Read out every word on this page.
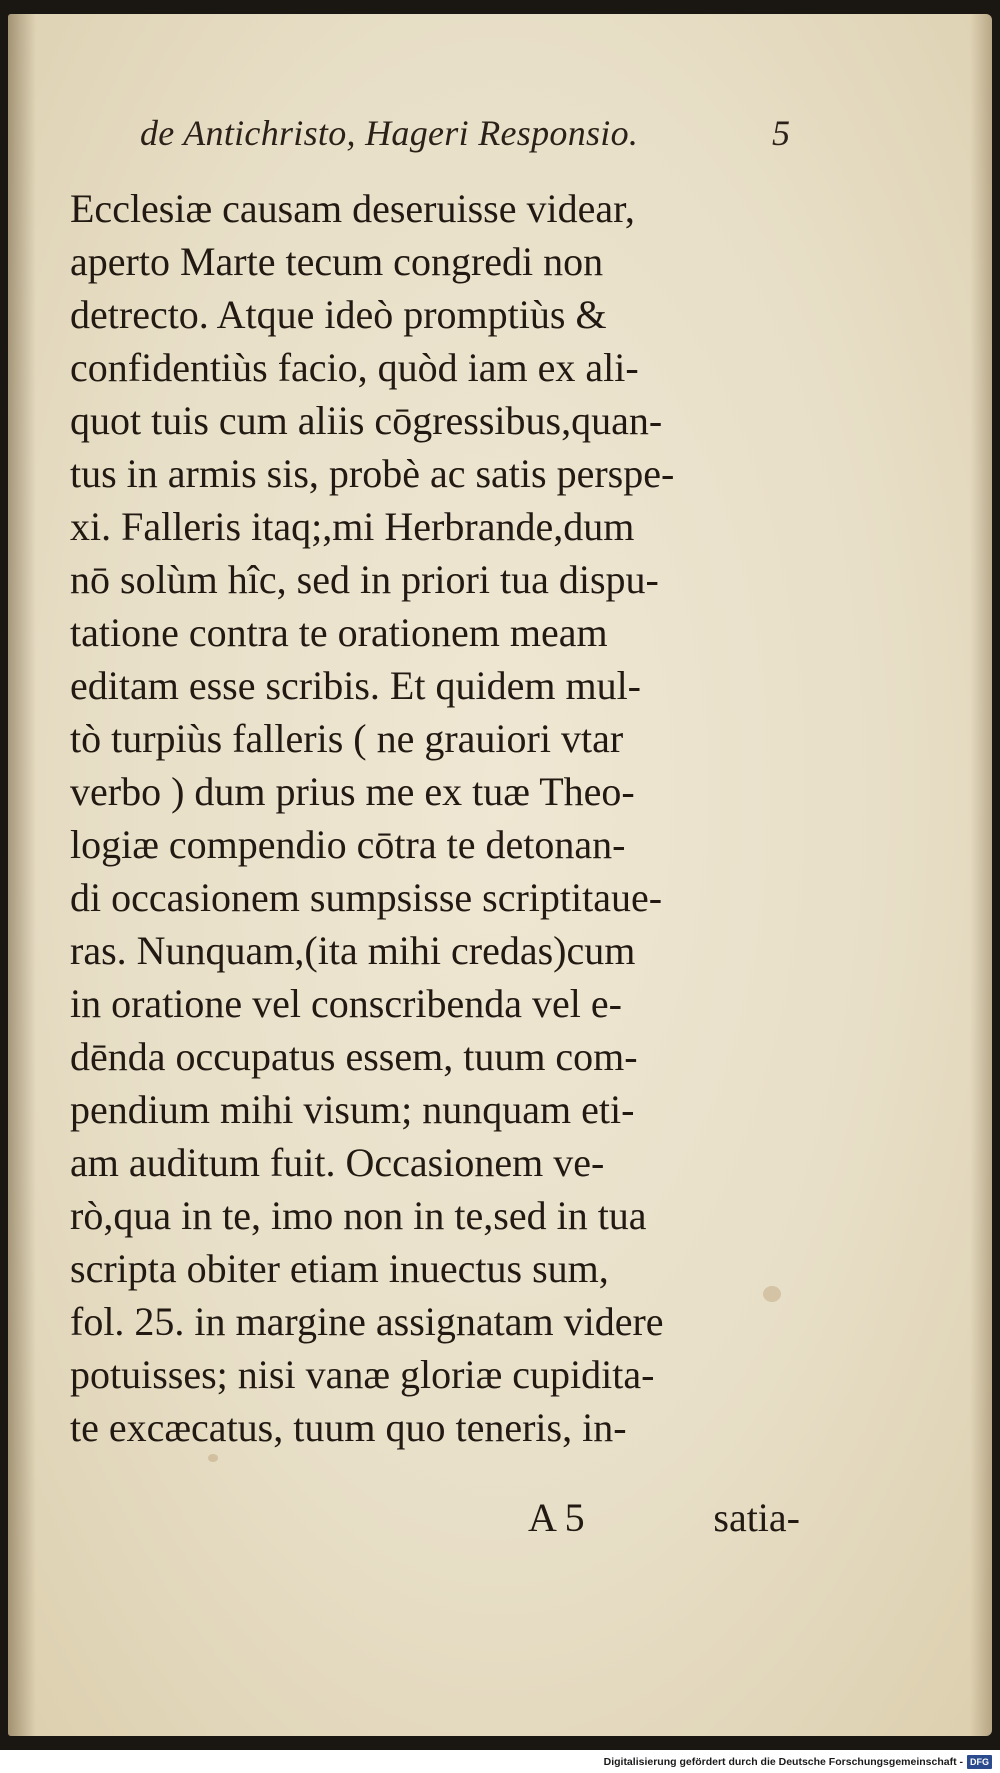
de Antichristo, Hageri Responsio.	5
Ecclesiæ causam deseruisse videar,
aperto Marte tecum congredi non
detrecto. Atque ideò promptiùs &
confidentiùs facio, quòd iam ex ali-
quot tuis cum aliis cōgressibus,quan-
tus in armis sis, probè ac satis perspe-
xi. Falleris itaq;,mi Herbrande,dum
nō solùm hîc, sed in priori tua dispu-
tatione contra te orationem meam
editam esse scribis. Et quidem mul-
tò turpiùs falleris ( ne grauiori vtar
verbo ) dum prius me ex tuæ Theo-
logiæ compendio cōtra te detonan-
di occasionem sumpsisse scriptitaue-
ras. Nunquam,(ita mihi credas)cum
in oratione vel conscribenda vel e-
dēnda occupatus essem, tuum com-
pendium mihi visum; nunquam eti-
am auditum fuit. Occasionem ve-
rò,qua in te, imo non in te,sed in tua
scripta obiter etiam inuectus sum,
fol. 25. in margine assignatam videre
potuisses; nisi vanæ gloriæ cupidita-
te excæcatus, tuum quo teneris, in-
A 5	satia-
Digitalisierung gefördert durch die Deutsche Forschungsgemeinschaft - DFG
